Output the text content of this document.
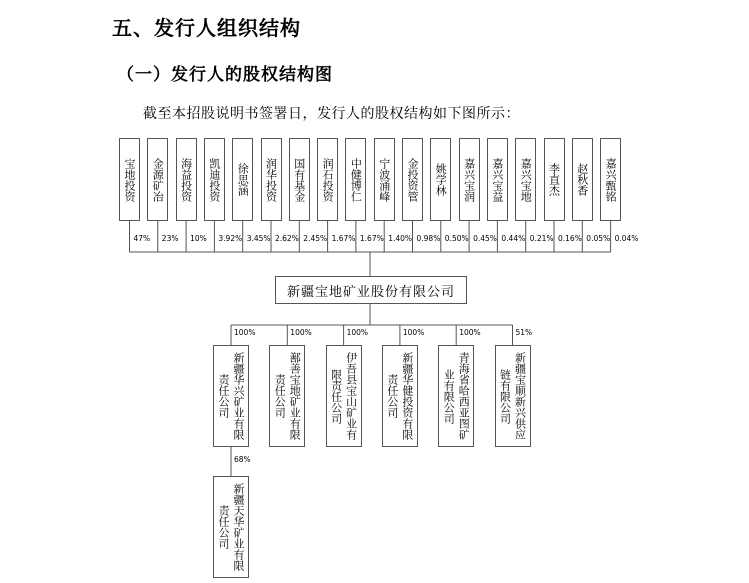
五、发行人组织结构
（一）发行人的股权结构图
截至本招股说明书签署日，发行人的股权结构如下图所示：
宝地投资
47%
金源矿冶
23%
海益投资
10%
凯迪投资
3.92%
徐思涵
3.45%
润华投资
2.62%
国有基金
2.45%
润石投资
1.67%
中健博仁
1.67%
宁波涌峰
1.40%
金投资管
0.98%
姚学林
0.50%
嘉兴宝润
0.45%
嘉兴宝益
0.44%
嘉兴宝地
0.21%
李直杰
0.16%
赵秋香
0.05%
嘉兴甄铭
0.04%
新疆宝地矿业股份有限公司
新疆华兴矿业有限责任公司
100%
鄯善宝地矿业有限责任公司
100%
伊吾县宝山矿业有限责任公司
100%
新疆华健投资有限责任公司
100%
青海省哈西亚图矿业有限公司
100%
新疆宝顺新兴供应链有限公司
51%
新疆天华矿业有限责任公司
68%
